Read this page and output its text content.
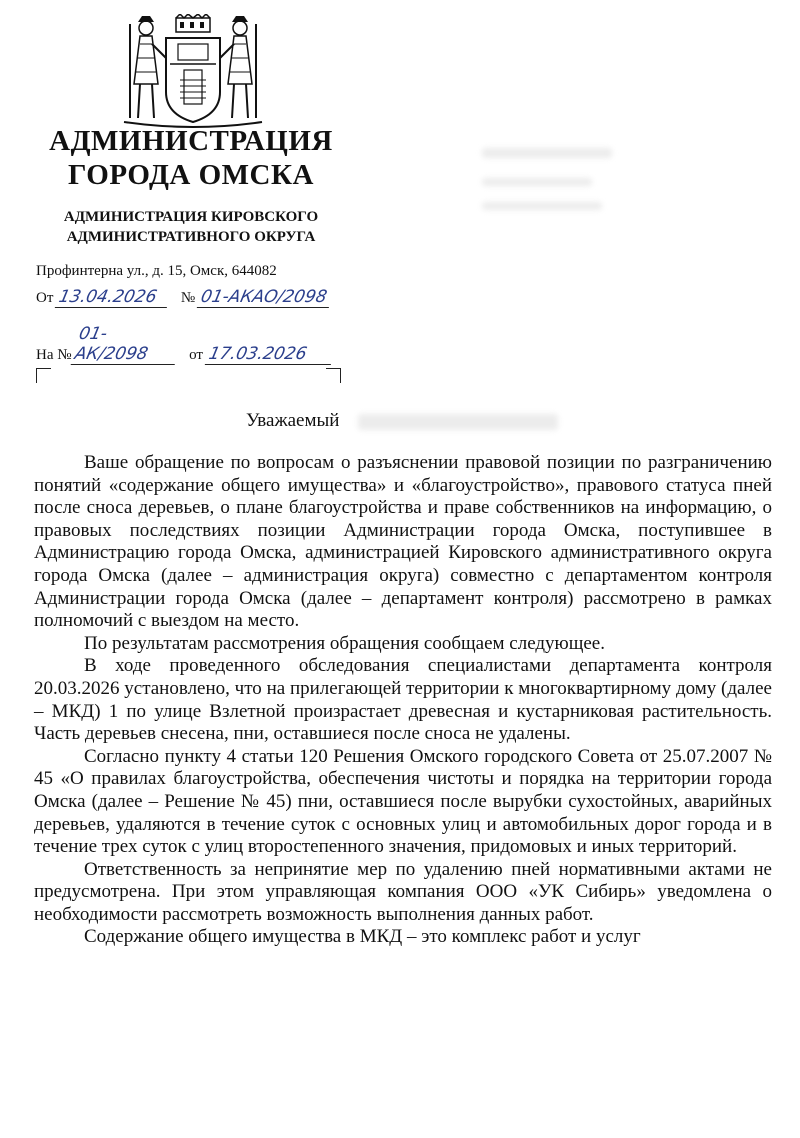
АДМИНИСТРАЦИЯ
ГОРОДА ОМСКА
АДМИНИСТРАЦИЯ КИРОВСКОГО
АДМИНИСТРАТИВНОГО ОКРУГА
Профинтерна ул., д. 15, Омск, 644082
От 13.04.2026 № 01-АКАО/2098
На № 01-АК/2098	от 17.03.2026
Уважаемый

Ваше обращение по вопросам о разъяснении правовой позиции по разграничению понятий «содержание общего имущества» и «благоустройство», правового статуса пней после сноса деревьев, о плане благоустройства и праве собственников на информацию, о правовых последствиях позиции Администрации города Омска, поступившее в Администрацию города Омска, администрацией Кировского административного округа города Омска (далее – администрация округа) совместно с департаментом контроля Администрации города Омска (далее – департамент контроля) рассмотрено в рамках полномочий с выездом на место.

По результатам рассмотрения обращения сообщаем следующее.

В ходе проведенного обследования специалистами департамента контроля 20.03.2026 установлено, что на прилегающей территории к многоквартирному дому (далее – МКД) 1 по улице Взлетной произрастает древесная и кустарниковая растительность. Часть деревьев снесена, пни, оставшиеся после сноса не удалены.

Согласно пункту 4 статьи 120 Решения Омского городского Совета от 25.07.2007 № 45 «О правилах благоустройства, обеспечения чистоты и порядка на территории города Омска (далее – Решение № 45) пни, оставшиеся после вырубки сухостойных, аварийных деревьев, удаляются в течение суток с основных улиц и автомобильных дорог города и в течение трех суток с улиц второстепенного значения, придомовых и иных территорий.

Ответственность за непринятие мер по удалению пней нормативными актами не предусмотрена. При этом управляющая компания ООО «УК Сибирь» уведомлена о необходимости рассмотреть возможность выполнения данных работ.

Содержание общего имущества в МКД – это комплекс работ и услуг
